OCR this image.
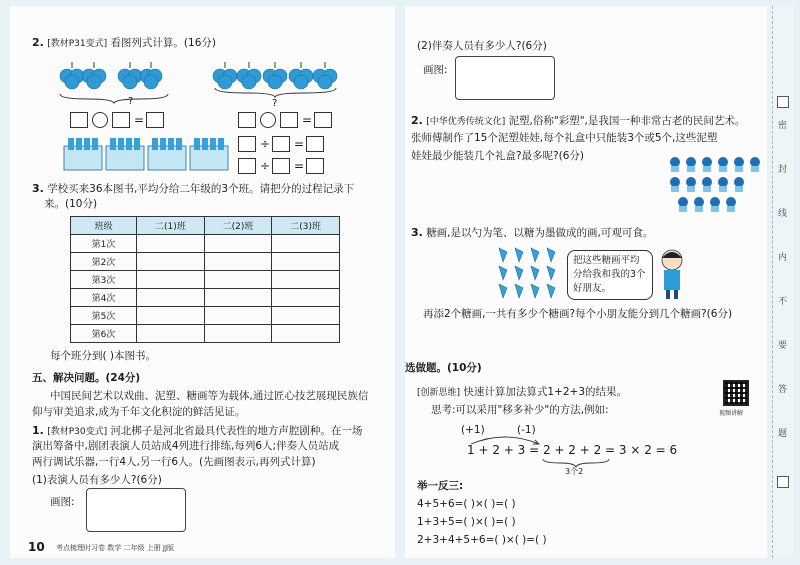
2. [教材P31变式] 看图列式计算。(16分)
?	?
=	=
÷ =
÷ =
3. 学校买来36本图书,平均分给二年级的3个班。请把分的过程记录下
来。(10分)
班级	二(1)班	二(2)班	二(3)班
第1次			
第2次			
第3次			
第4次			
第5次			
第6次			
每个班分到( )本图书。
五、解决问题。(24分)
中国民间艺术以戏曲、泥塑、糖画等为载体,通过匠心技艺展现民族信
仰与审美追求,成为千年文化积淀的鲜活见证。
1. [教材P30变式] 河北梆子是河北省最具代表性的地方声腔剧种。在一场
演出筹备中,剧团表演人员站成4列进行排练,每列6人;伴奏人员站成
两行调试乐器,一行4人,另一行6人。(先画图表示,再列式计算)
(1)表演人员有多少人?(6分)
画图:
10 考点梳理时习卷 数学 二年级 上册 JJ版
(2)伴奏人员有多少人?(6分)
画图:
2. [中华优秀传统文化] 泥塑,俗称"彩塑",是我国一种非常古老的民间艺术。
张师傅制作了15个泥塑娃娃,每个礼盒中只能装3个或5个,这些泥塑
娃娃最少能装几个礼盒?最多呢?(6分)
3. 糖画,是以勺为笔、以糖为墨做成的画,可观可食。
把这些糖画平均
分给我和我的3个
好朋友。
再添2个糖画,一共有多少个糖画?每个小朋友能分到几个糖画?(6分)
选做题。(10分)
[创新思维] 快速计算加法算式1+2+3的结果。
视频讲解
思考:可以采用"移多补少"的方法,例如:
(+1)	(-1)
1 + 2 + 3 = 2 + 2 + 2 = 3 × 2 = 6
3个2
举一反三:
4+5+6=( )×( )=( )
1+3+5=( )×( )=( )
2+3+4+5+6=( )×( )=( )
密
封
线
内
不
要
答
题
